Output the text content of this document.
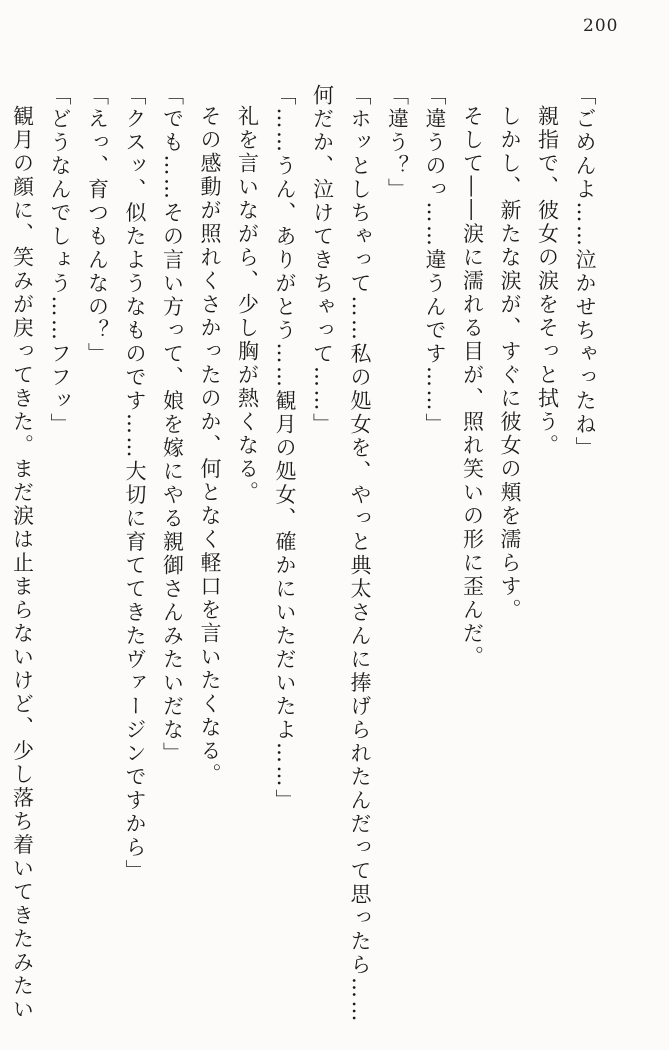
200

「ごめんよ……泣かせちゃったね」

親指で、彼女の涙をそっと拭う。

しかし、新たな涙が、すぐに彼女の頬を濡らす。

そして――涙に濡れる目が、照れ笑いの形に歪んだ。

「違うのっ……違うんです……」

「違う？」

「ホッとしちゃって……私の処女を、やっと典太さんに捧げられたんだって思ったら……何だか、泣けてきちゃって……」

「……うん、ありがとう……観月の処女、確かにいただいたよ……」

礼を言いながら、少し胸が熱くなる。

その感動が照れくさかったのか、何となく軽口を言いたくなる。

「でも……その言い方って、娘を嫁にやる親御さんみたいだな」

「クスッ、似たようなものです……大切に育ててきたヴァージンですから」

「えっ、育つもんなの？」

「どうなんでしょう……フフッ」

観月の顔に、笑みが戻ってきた。まだ涙は止まらないけど、少し落ち着いてきたみたい
